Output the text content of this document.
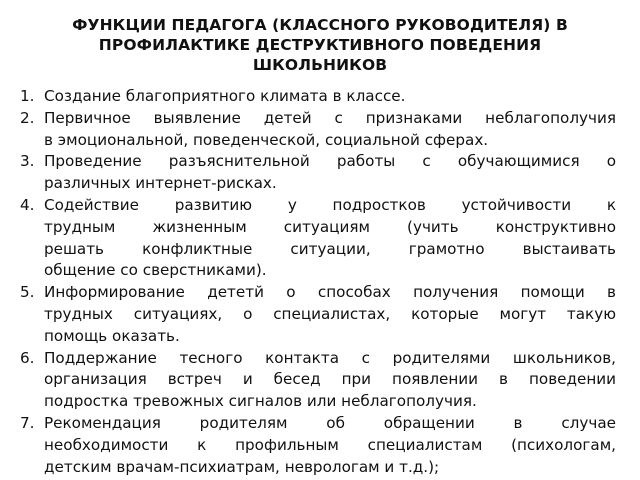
ФУНКЦИИ ПЕДАГОГА (КЛАССНОГО РУКОВОДИТЕЛЯ) В
ПРОФИЛАКТИКЕ ДЕСТРУКТИВНОГО ПОВЕДЕНИЯ
ШКОЛЬНИКОВ
1. Создание благоприятного климата в классе.
2. Первичное выявление детей с признаками неблагополучия
в эмоциональной, поведенческой, социальной сферах.
3. Проведение разъяснительной работы с обучающимися о
различных интернет-рисках.
4. Содействие развитию у подростков устойчивости к
трудным жизненным ситуациям (учить конструктивно
решать конфликтные ситуации, грамотно выстаивать
общение со сверстниками).
5. Информирование дететй о способах получения помощи в
трудных ситуациях, о специалистах, которые могут такую
помощь оказать.
6. Поддержание тесного контакта с родителями школьников,
организация встреч и бесед при появлении в поведении
подростка тревожных сигналов или неблагополучия.
7. Рекомендация родителям об обращении в случае
необходимости к профильным специалистам (психологам,
детским врачам-психиатрам, неврологам и т.д.);
